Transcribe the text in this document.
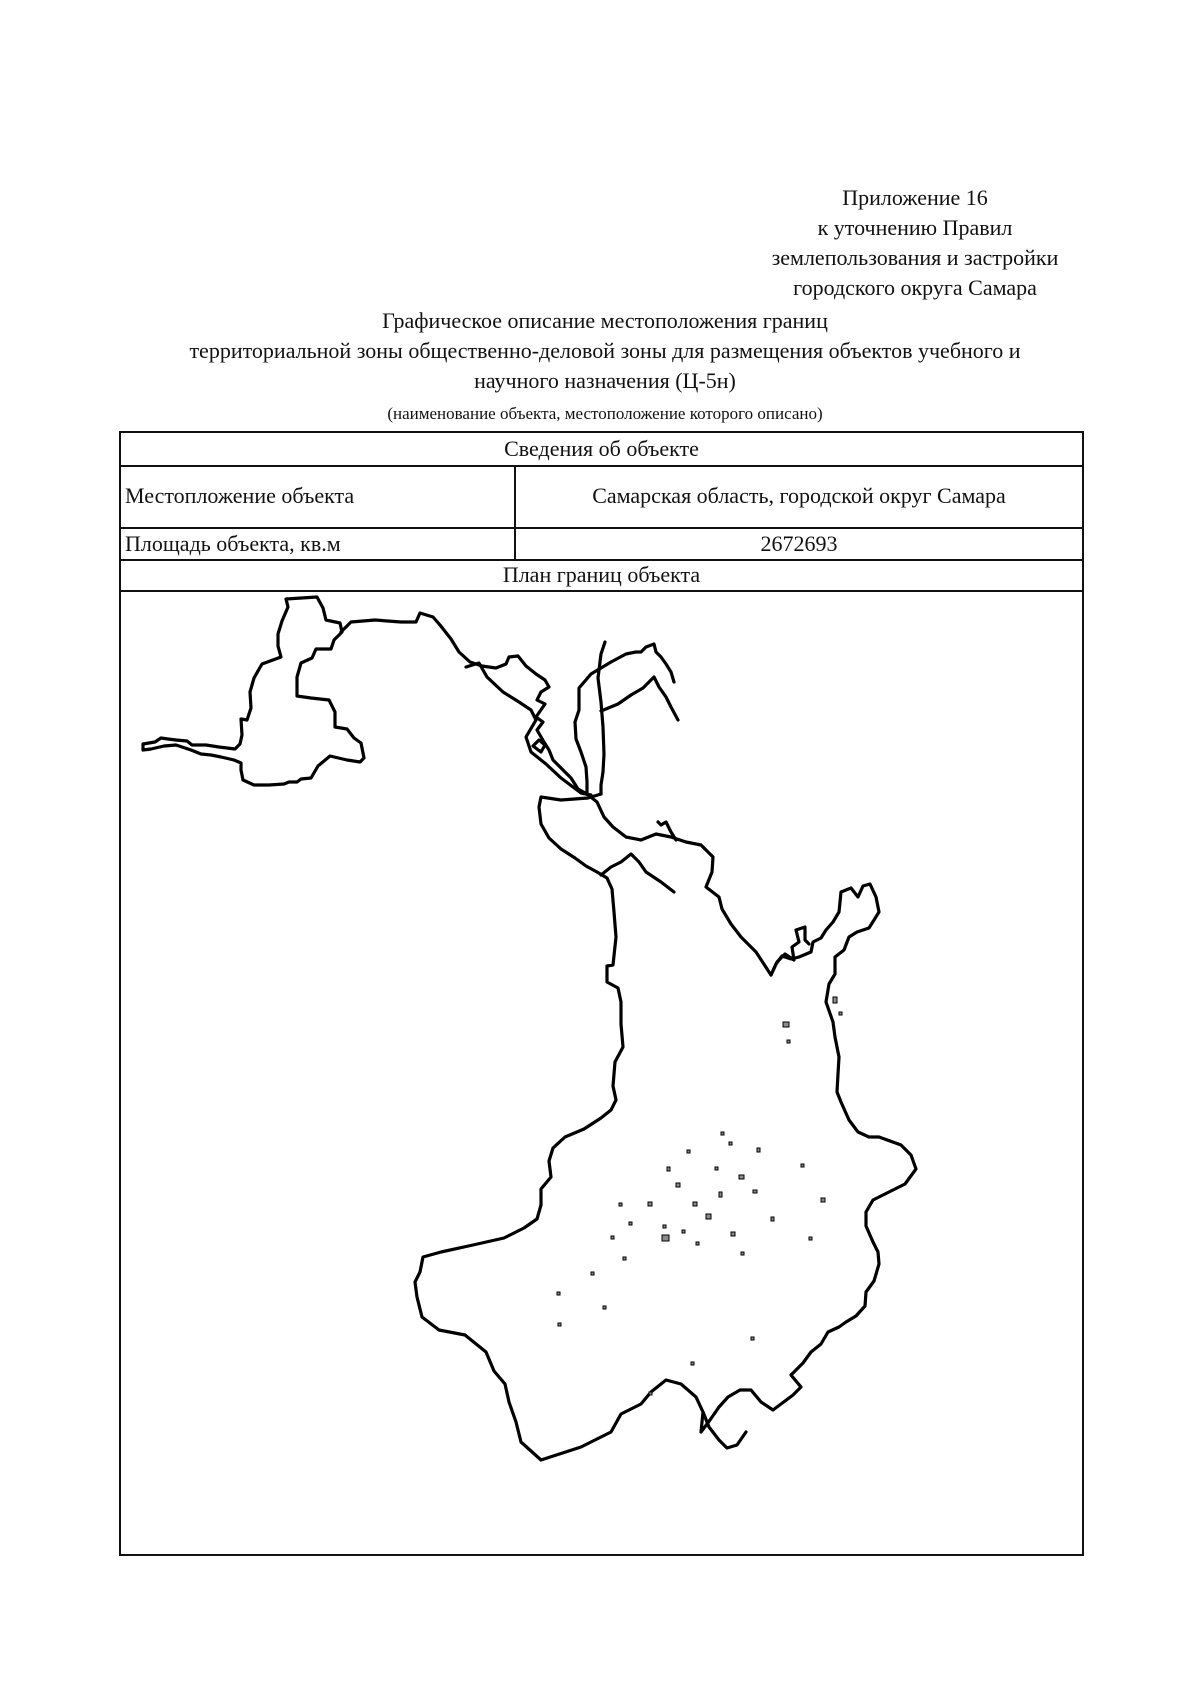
Приложение 16
к уточнению Правил
землепользования и застройки
городского округа Самара
Графическое описание местоположения границ
территориальной зоны общественно-деловой зоны для размещения объектов учебного и
научного назначения (Ц-5н)
(наименование объекта, местоположение которого описано)
Сведения об объекте
Местопложение объекта	Самарская область, городской округ Самара
Площадь объекта, кв.м	2672693
План границ объекта
